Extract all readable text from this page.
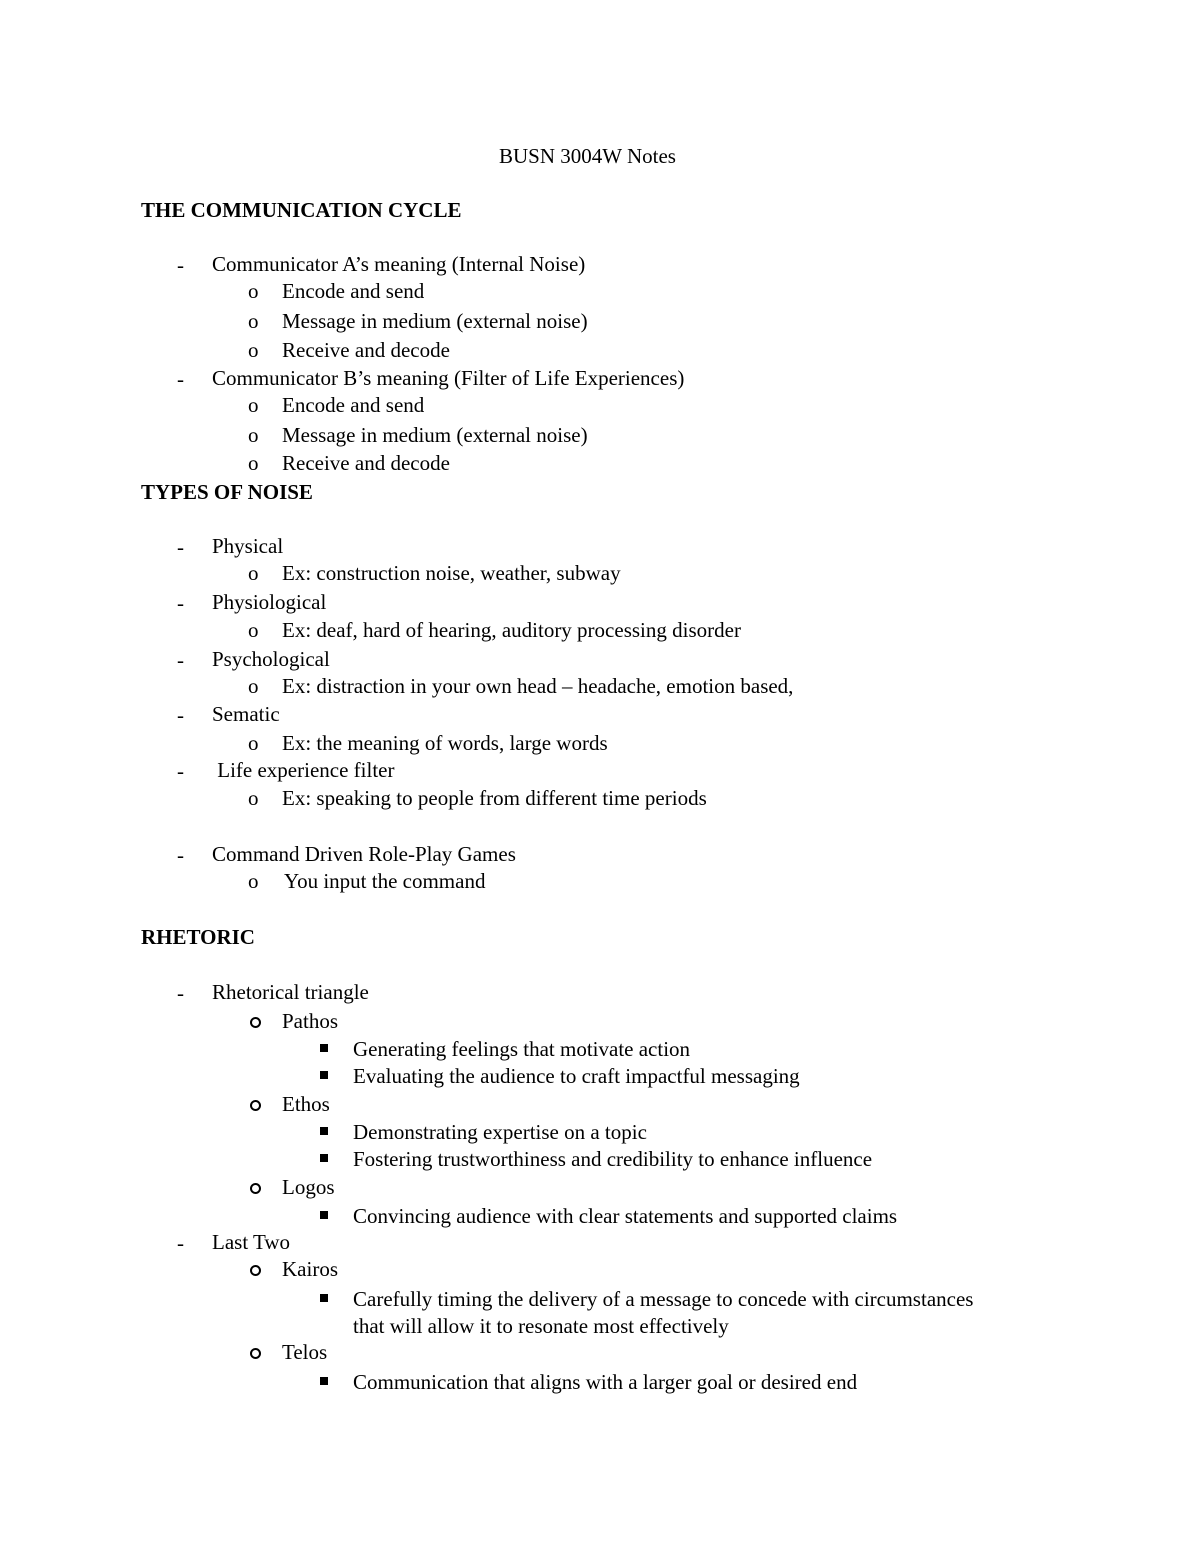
BUSN 3004W Notes
THE COMMUNICATION CYCLE
- Communicator A’s meaning (Internal Noise)
o Encode and send
o Message in medium (external noise)
o Receive and decode
- Communicator B’s meaning (Filter of Life Experiences)
o Encode and send
o Message in medium (external noise)
o Receive and decode
TYPES OF NOISE
- Physical
o Ex: construction noise, weather, subway
- Physiological
o Ex: deaf, hard of hearing, auditory processing disorder
- Psychological
o Ex: distraction in your own head – headache, emotion based,
- Sematic
o Ex: the meaning of words, large words
- Life experience filter
o Ex: speaking to people from different time periods
- Command Driven Role-Play Games
o You input the command
RHETORIC
- Rhetorical triangle
Pathos
Generating feelings that motivate action
Evaluating the audience to craft impactful messaging
Ethos
Demonstrating expertise on a topic
Fostering trustworthiness and credibility to enhance influence
Logos
Convincing audience with clear statements and supported claims
- Last Two
Kairos
Carefully timing the delivery of a message to concede with circumstances
that will allow it to resonate most effectively
Telos
Communication that aligns with a larger goal or desired end
